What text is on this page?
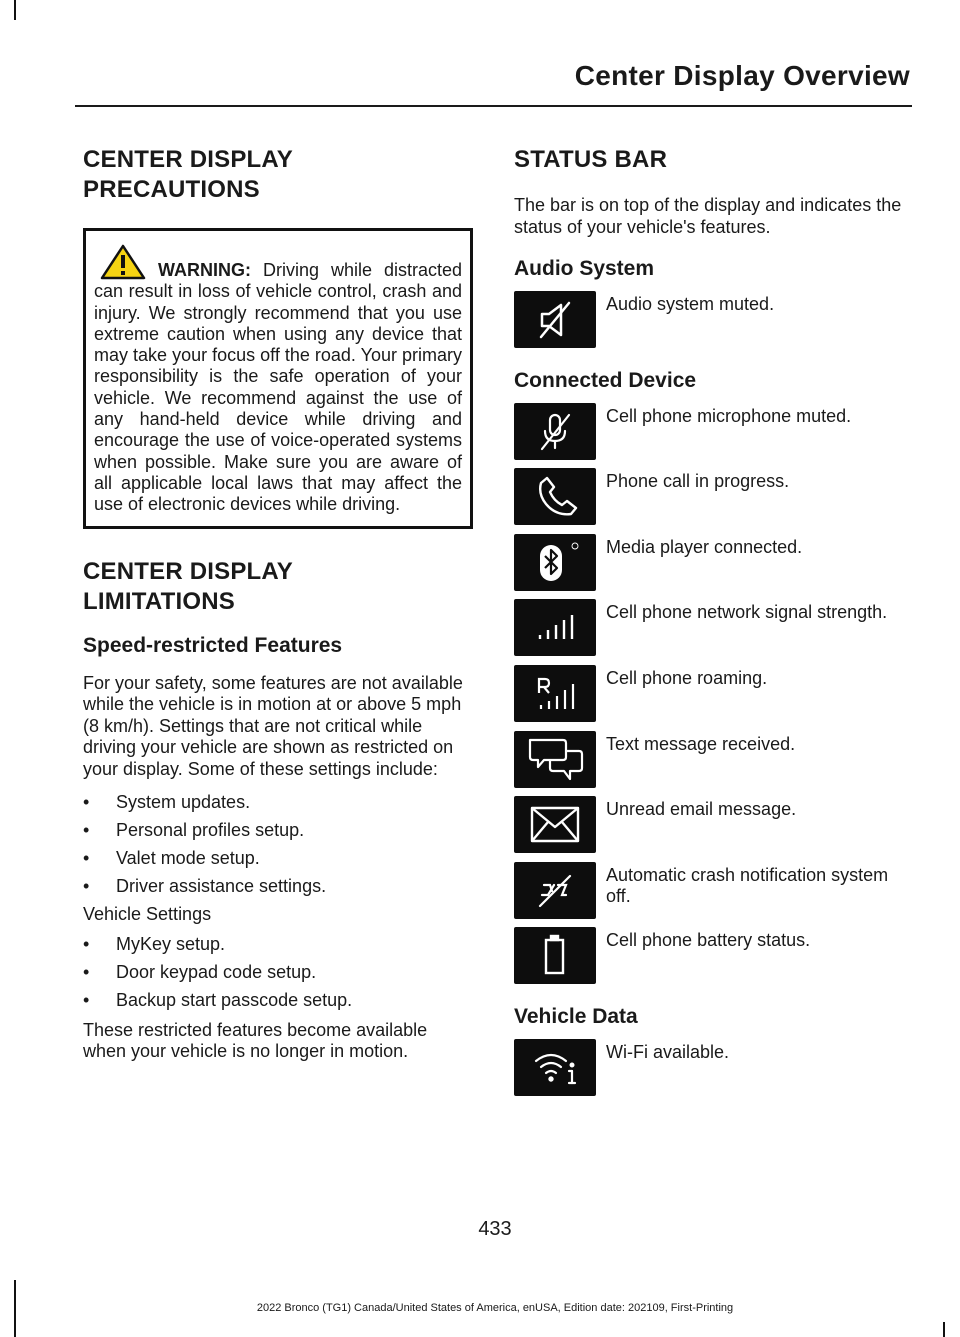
Center Display Overview
CENTER DISPLAY
PRECAUTIONS
WARNING: Driving while distracted can result in loss of vehicle control, crash and injury. We strongly recommend that you use extreme caution when using any device that may take your focus off the road. Your primary responsibility is the safe operation of your vehicle. We recommend against the use of any hand-held device while driving and encourage the use of voice-operated systems when possible. Make sure you are aware of all applicable local laws that may affect the use of electronic devices while driving.
CENTER DISPLAY
LIMITATIONS
Speed-restricted Features

For your safety, some features are not available while the vehicle is in motion at or above 5 mph (8 km/h). Settings that are not critical while driving your vehicle are shown as restricted on your display. Some of these settings include:

• System updates.
• Personal profiles setup.
• Valet mode setup.
• Driver assistance settings.

Vehicle Settings

• MyKey setup.
• Door keypad code setup.
• Backup start passcode setup.

These restricted features become available when your vehicle is no longer in motion.

STATUS BAR

The bar is on top of the display and indicates the status of your vehicle's features.

Audio System
Audio system muted.
Connected Device
Cell phone microphone muted.
Phone call in progress.
Media player connected.
Cell phone network signal strength.
Cell phone roaming.
Text message received.
Unread email message.
Automatic crash notification system off.
Cell phone battery status.
Vehicle Data
Wi-Fi available.
433
2022 Bronco (TG1) Canada/United States of America, enUSA, Edition date: 202109, First-Printing
